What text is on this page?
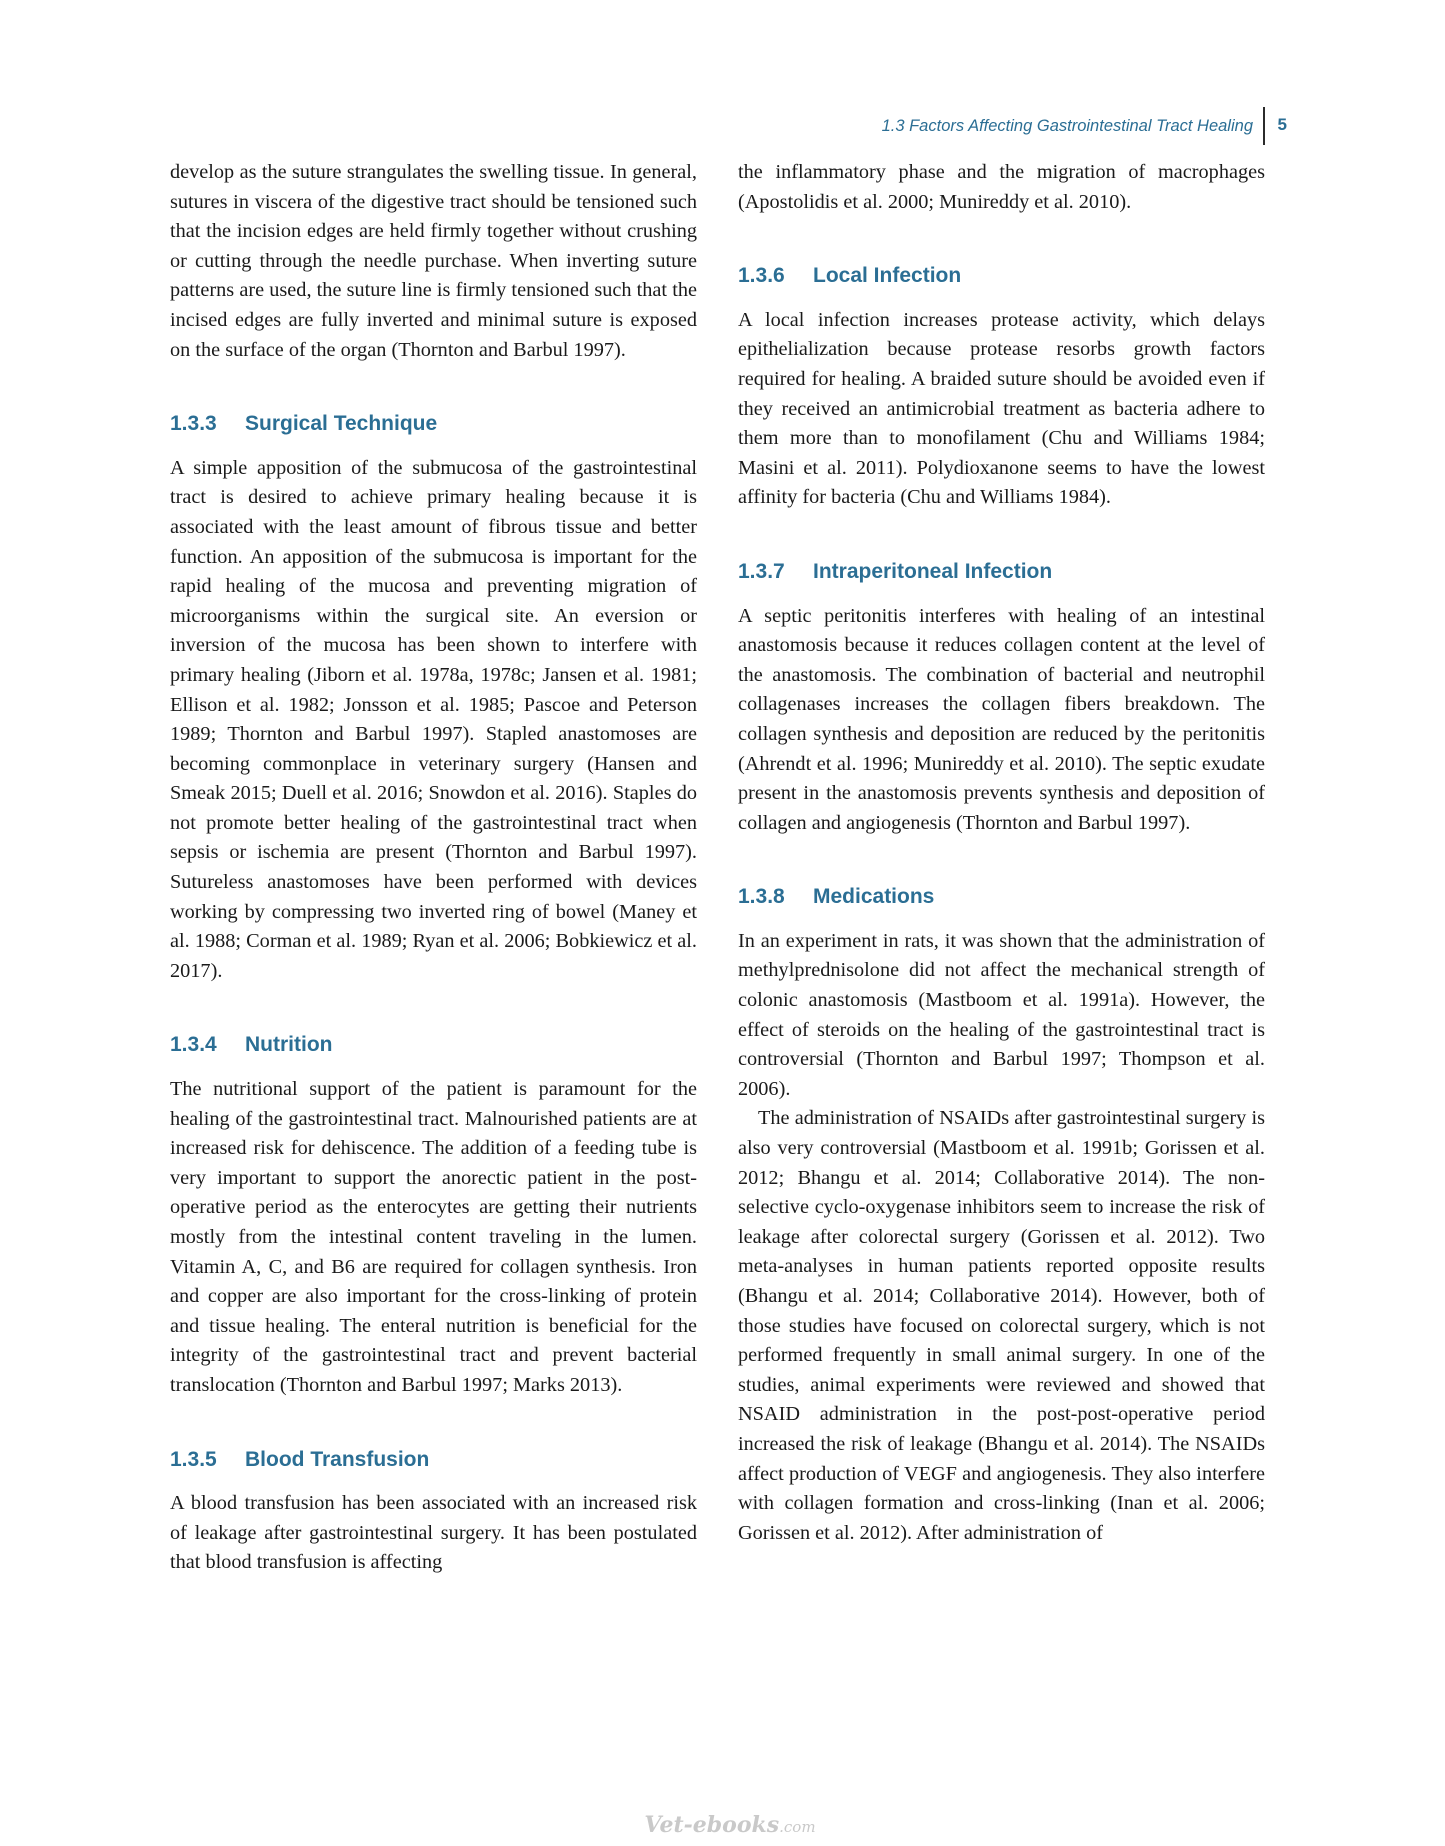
1.3 Factors Affecting Gastrointestinal Tract Healing	5

develop as the suture strangulates the swelling tissue. In general, sutures in viscera of the digestive tract should be tensioned such that the incision edges are held firmly together without crushing or cutting through the needle purchase. When inverting suture patterns are used, the suture line is firmly tensioned such that the incised edges are fully inverted and minimal suture is exposed on the surface of the organ (Thornton and Barbul 1997).

1.3.3 Surgical Technique

A simple apposition of the submucosa of the gastrointestinal tract is desired to achieve primary healing because it is associated with the least amount of fibrous tissue and better function. An apposition of the submucosa is important for the rapid healing of the mucosa and preventing migration of microorganisms within the surgical site. An eversion or inversion of the mucosa has been shown to interfere with primary healing (Jiborn et al. 1978a, 1978c; Jansen et al. 1981; Ellison et al. 1982; Jonsson et al. 1985; Pascoe and Peterson 1989; Thornton and Barbul 1997). Stapled anastomoses are becoming commonplace in veterinary surgery (Hansen and Smeak 2015; Duell et al. 2016; Snowdon et al. 2016). Staples do not promote better healing of the gastrointestinal tract when sepsis or ischemia are present (Thornton and Barbul 1997). Sutureless anastomoses have been performed with devices working by compressing two inverted ring of bowel (Maney et al. 1988; Corman et al. 1989; Ryan et al. 2006; Bobkiewicz et al. 2017).

1.3.4 Nutrition

The nutritional support of the patient is paramount for the healing of the gastrointestinal tract. Malnourished patients are at increased risk for dehiscence. The addition of a feeding tube is very important to support the anorectic patient in the post-operative period as the enterocytes are getting their nutrients mostly from the intestinal content traveling in the lumen. Vitamin A, C, and B6 are required for collagen synthesis. Iron and copper are also important for the cross-linking of protein and tissue healing. The enteral nutrition is beneficial for the integrity of the gastrointestinal tract and prevent bacterial translocation (Thornton and Barbul 1997; Marks 2013).

1.3.5 Blood Transfusion

A blood transfusion has been associated with an increased risk of leakage after gastrointestinal surgery. It has been postulated that blood transfusion is affecting

the inflammatory phase and the migration of macrophages (Apostolidis et al. 2000; Munireddy et al. 2010).

1.3.6 Local Infection

A local infection increases protease activity, which delays epithelialization because protease resorbs growth factors required for healing. A braided suture should be avoided even if they received an antimicrobial treatment as bacteria adhere to them more than to monofilament (Chu and Williams 1984; Masini et al. 2011). Polydioxanone seems to have the lowest affinity for bacteria (Chu and Williams 1984).

1.3.7 Intraperitoneal Infection

A septic peritonitis interferes with healing of an intestinal anastomosis because it reduces collagen content at the level of the anastomosis. The combination of bacterial and neutrophil collagenases increases the collagen fibers breakdown. The collagen synthesis and deposition are reduced by the peritonitis (Ahrendt et al. 1996; Munireddy et al. 2010). The septic exudate present in the anastomosis prevents synthesis and deposition of collagen and angiogenesis (Thornton and Barbul 1997).

1.3.8 Medications

In an experiment in rats, it was shown that the administration of methylprednisolone did not affect the mechanical strength of colonic anastomosis (Mastboom et al. 1991a). However, the effect of steroids on the healing of the gastrointestinal tract is controversial (Thornton and Barbul 1997; Thompson et al. 2006).

The administration of NSAIDs after gastrointestinal surgery is also very controversial (Mastboom et al. 1991b; Gorissen et al. 2012; Bhangu et al. 2014; Collaborative 2014). The non-selective cyclo-oxygenase inhibitors seem to increase the risk of leakage after colorectal surgery (Gorissen et al. 2012). Two meta-analyses in human patients reported opposite results (Bhangu et al. 2014; Collaborative 2014). However, both of those studies have focused on colorectal surgery, which is not performed frequently in small animal surgery. In one of the studies, animal experiments were reviewed and showed that NSAID administration in the post-post-operative period increased the risk of leakage (Bhangu et al. 2014). The NSAIDs affect production of VEGF and angiogenesis. They also interfere with collagen formation and cross-linking (Inan et al. 2006; Gorissen et al. 2012). After administration of

Vet-ebooks.com
